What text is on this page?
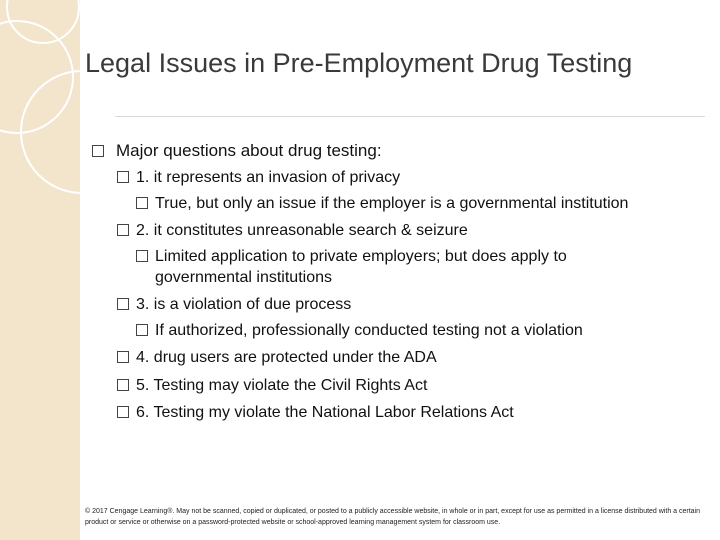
Legal Issues in Pre-Employment Drug Testing
Major questions about drug testing:
1. it represents an invasion of privacy
True, but only an issue if the employer is a governmental institution
2. it constitutes unreasonable search & seizure
Limited application to private employers; but does apply to
governmental institutions
3. is a violation of due process
If authorized, professionally conducted testing not a violation
4. drug users are protected under the ADA
5. Testing may violate the Civil Rights Act
6. Testing my violate the National Labor Relations Act
© 2017 Cengage Learning®. May not be scanned, copied or duplicated, or posted to a publicly accessible website, in whole or in part, except for use as permitted in a license distributed with a certain product or service or otherwise on a password-protected website or school-approved learning management system for classroom use.
